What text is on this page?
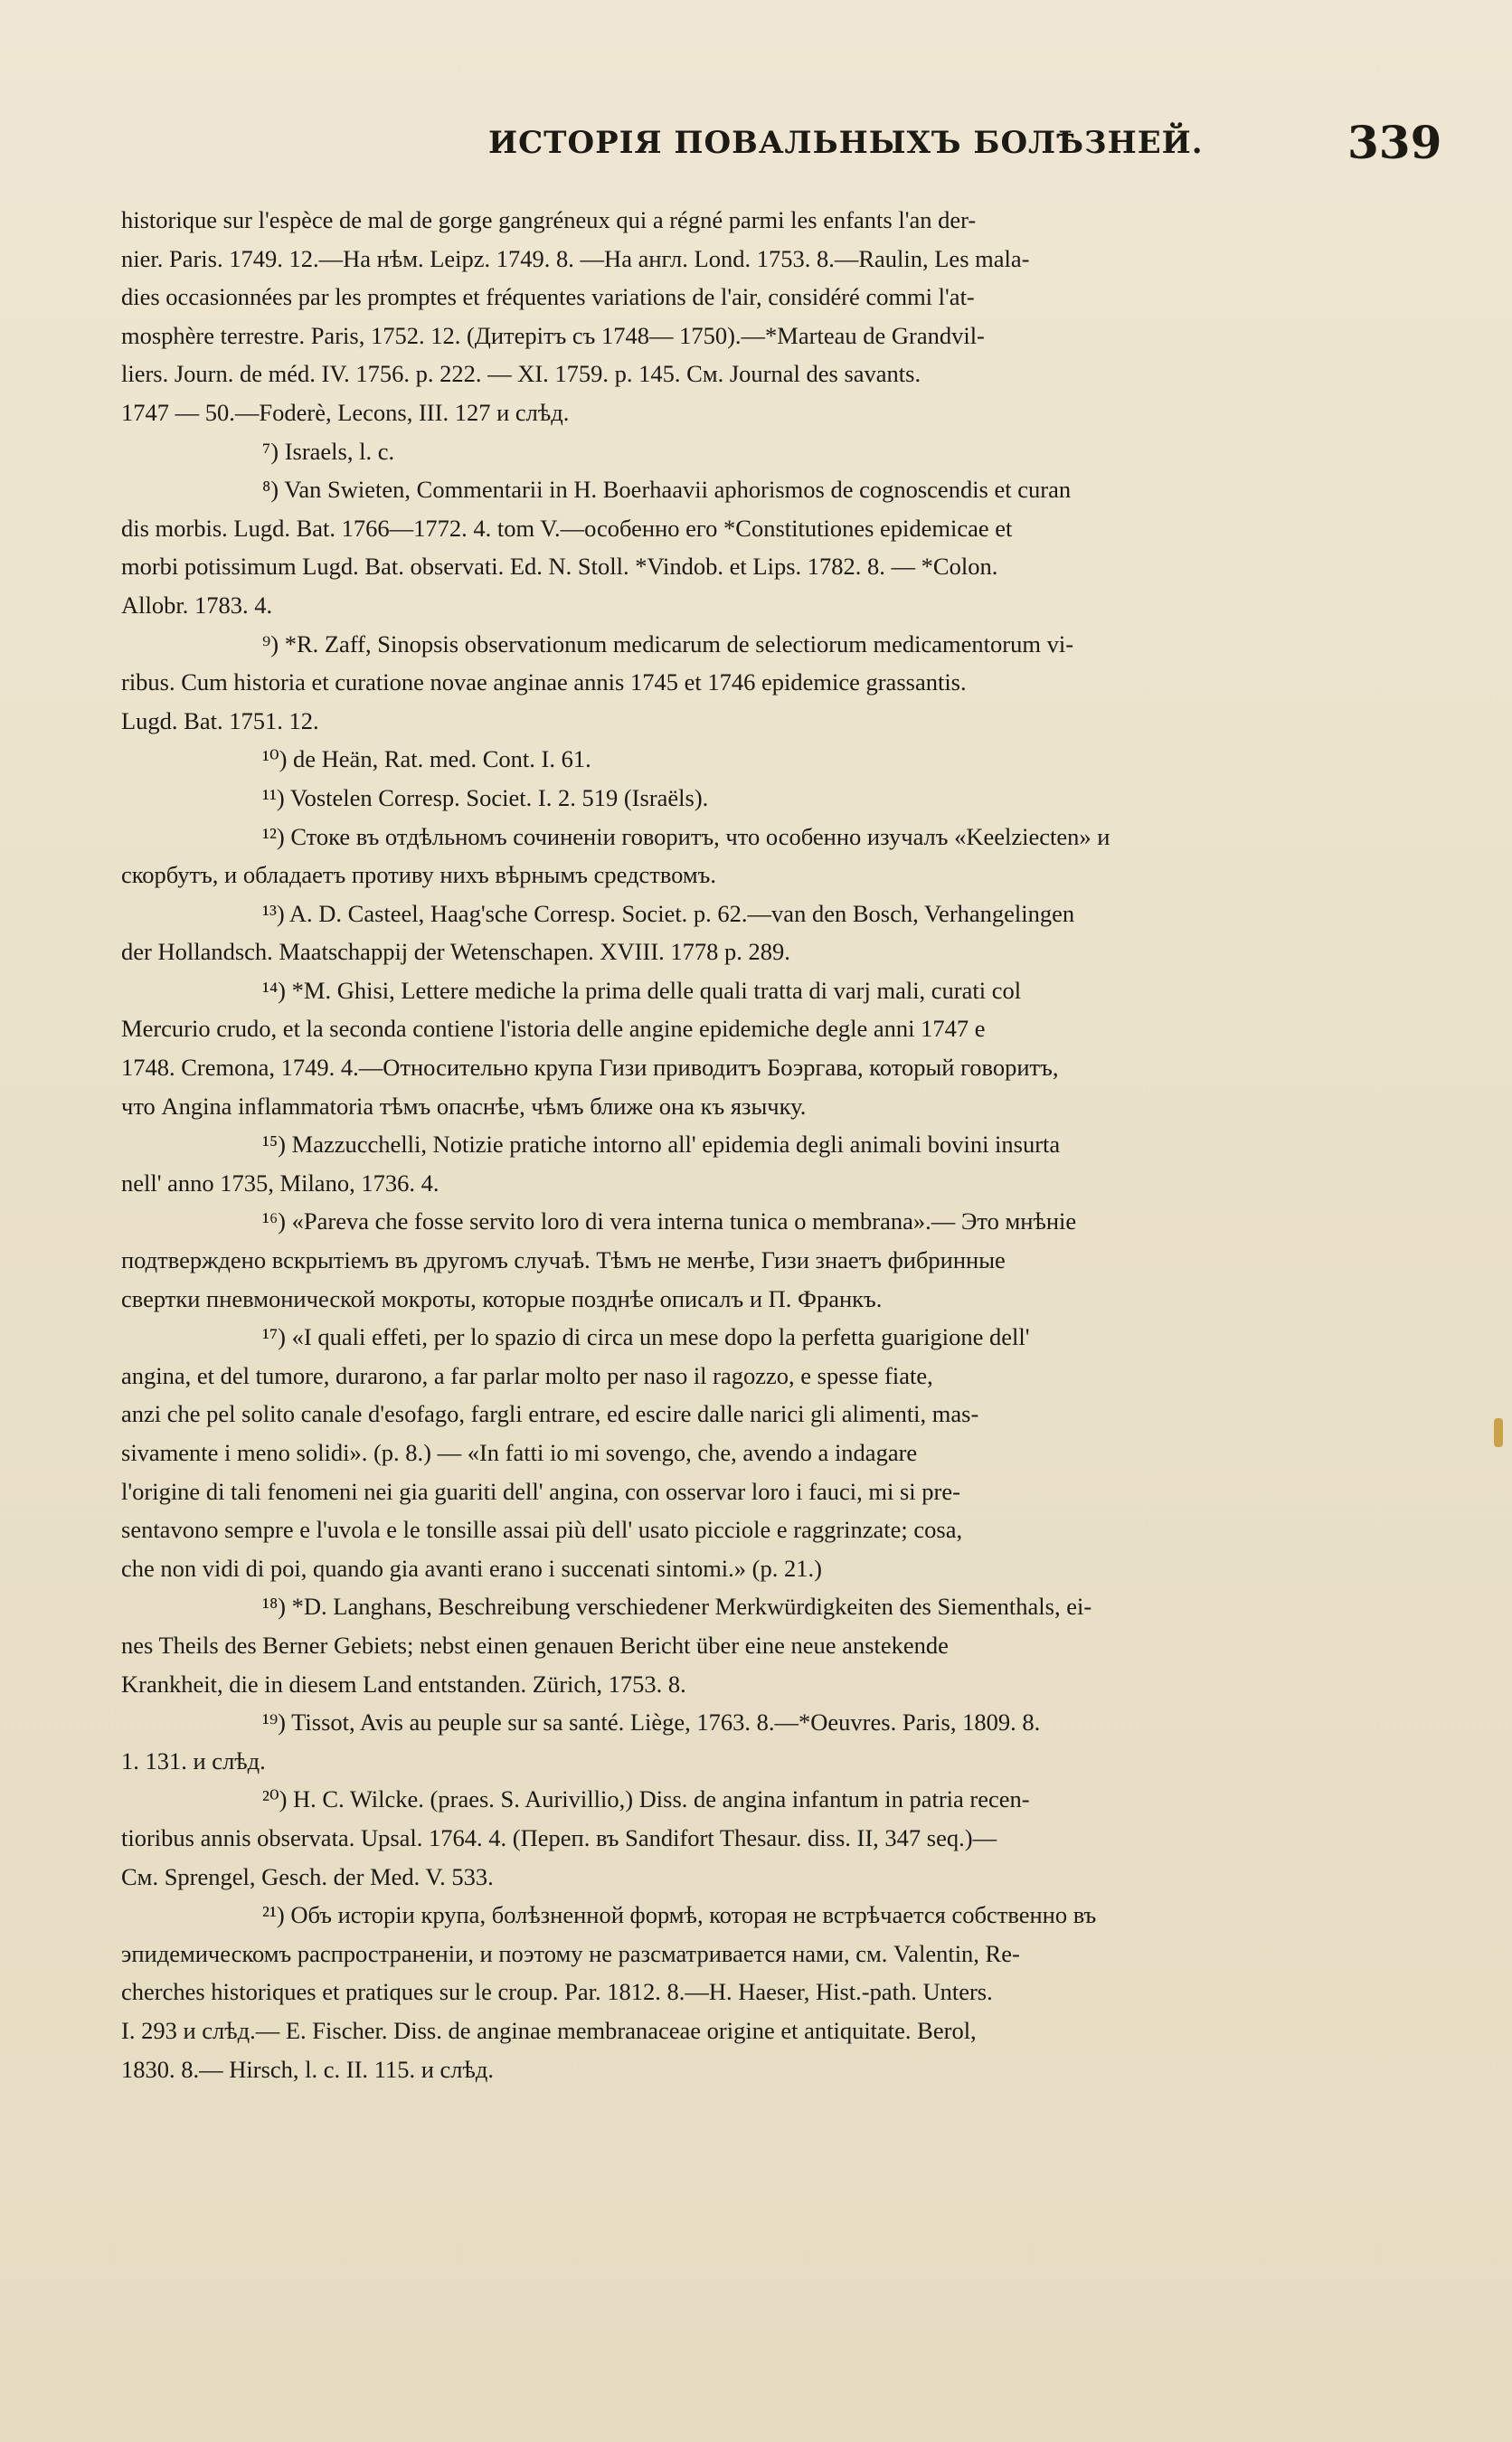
ИСТОРІЯ ПОВАЛЬНЫХЪ БОЛѢЗНЕЙ.	339
historique sur l'espèce de mal de gorge gangréneux qui a régné parmi les enfants l'an der-
nier. Paris. 1749. 12.—На нѣм. Leipz. 1749. 8. —На англ. Lond. 1753. 8.—Raulin, Les mala-
dies occasionnées par les promptes et fréquentes variations de l'air, considéré commi l'at-
mosphère terrestre. Paris, 1752. 12. (Дитерітъ съ 1748— 1750).—*Marteau de Grandvil-
liers. Journ. de méd. IV. 1756. p. 222. — XI. 1759. p. 145. См. Journal des savants.
1747 — 50.—Foderè, Lecons, III. 127 и слѣд.
⁷) Israels, l. c.
⁸) Van Swieten, Commentarii in H. Boerhaavii aphorismos de cognoscendis et curan
dis morbis. Lugd. Bat. 1766—1772. 4. tom V.—особенно его *Constitutiones epidemicae et
morbi potissimum Lugd. Bat. observati. Ed. N. Stoll. *Vindob. et Lips. 1782. 8. — *Colon.
Allobr. 1783. 4.
⁹) *R. Zaff, Sinopsis observationum medicarum de selectiorum medicamentorum vi-
ribus. Cum historia et curatione novae anginae annis 1745 et 1746 epidemice grassantis.
Lugd. Bat. 1751. 12.
¹⁰) de Heän, Rat. med. Cont. I. 61.
¹¹) Vostelen Corresp. Societ. I. 2. 519 (Israëls).
¹²) Стоке въ отдѣльномъ сочиненіи говоритъ, что особенно изучалъ «Keelziecten» и
скорбутъ, и обладаетъ противу нихъ вѣрнымъ средствомъ.
¹³) A. D. Casteel, Haag'sche Corresp. Societ. p. 62.—van den Bosch, Verhangelingen
der Hollandsch. Maatschappij der Wetenschapen. XVIII. 1778 p. 289.
¹⁴) *M. Ghisi, Lettere mediche la prima delle quali tratta di varj mali, curati col
Mercurio crudo, et la seconda contiene l'istoria delle angine epidemiche degle anni 1747 e
1748. Cremona, 1749. 4.—Относительно крупа Гизи приводитъ Боэргава, который говоритъ,
что Angina inflammatoria тѣмъ опаснѣе, чѣмъ ближе она къ язычку.
¹⁵) Mazzucchelli, Notizie pratiche intorno all' epidemia degli animali bovini insurta
nell' anno 1735, Milano, 1736. 4.
¹⁶) «Pareva che fosse servito loro di vera interna tunica o membrana».— Это мнѣніе
подтверждено вскрытіемъ въ другомъ случаѣ. Тѣмъ не менѣе, Гизи знаетъ фибринные
свертки пневмонической мокроты, которые позднѣе описалъ и П. Франкъ.
¹⁷) «I quali effeti, per lo spazio di circa un mese dopo la perfetta guarigione dell'
angina, et del tumore, durarono, a far parlar molto per naso il ragozzo, e spesse fiate,
anzi che pel solito canale d'esofago, fargli entrare, ed escire dalle narici gli alimenti, mas-
sivamente i meno solidi». (p. 8.) — «In fatti io mi sovengo, che, avendo a indagare
l'origine di tali fenomeni nei gia guariti dell' angina, con osservar loro i fauci, mi si pre-
sentavono sempre e l'uvola e le tonsille assai più dell' usato picciole e raggrinzate; cosa,
che non vidi di poi, quando gia avanti erano i succenati sintomi.» (p. 21.)
¹⁸) *D. Langhans, Beschreibung verschiedener Merkwürdigkeiten des Siementhals, ei-
nes Theils des Berner Gebiets; nebst einen genauen Bericht über eine neue anstekende
Krankheit, die in diesem Land entstanden. Zürich, 1753. 8.
¹⁹) Tissot, Avis au peuple sur sa santé. Liège, 1763. 8.—*Oeuvres. Paris, 1809. 8.
1. 131. и слѣд.
²⁰) H. C. Wilcke. (praes. S. Aurivillio,) Diss. de angina infantum in patria recen-
tioribus annis observata. Upsal. 1764. 4. (Переп. въ Sandifort Thesaur. diss. II, 347 seq.)—
См. Sprengel, Gesch. der Med. V. 533.
²¹) Объ исторіи крупа, болѣзненной формѣ, которая не встрѣчается собственно въ
эпидемическомъ распространеніи, и поэтому не разсматривается нами, см. Valentin, Re-
cherches historiques et pratiques sur le croup. Par. 1812. 8.—H. Haeser, Hist.-path. Unters.
I. 293 и слѣд.— E. Fischer. Diss. de anginae membranaceae origine et antiquitate. Berol,
1830. 8.— Hirsch, l. c. II. 115. и слѣд.
